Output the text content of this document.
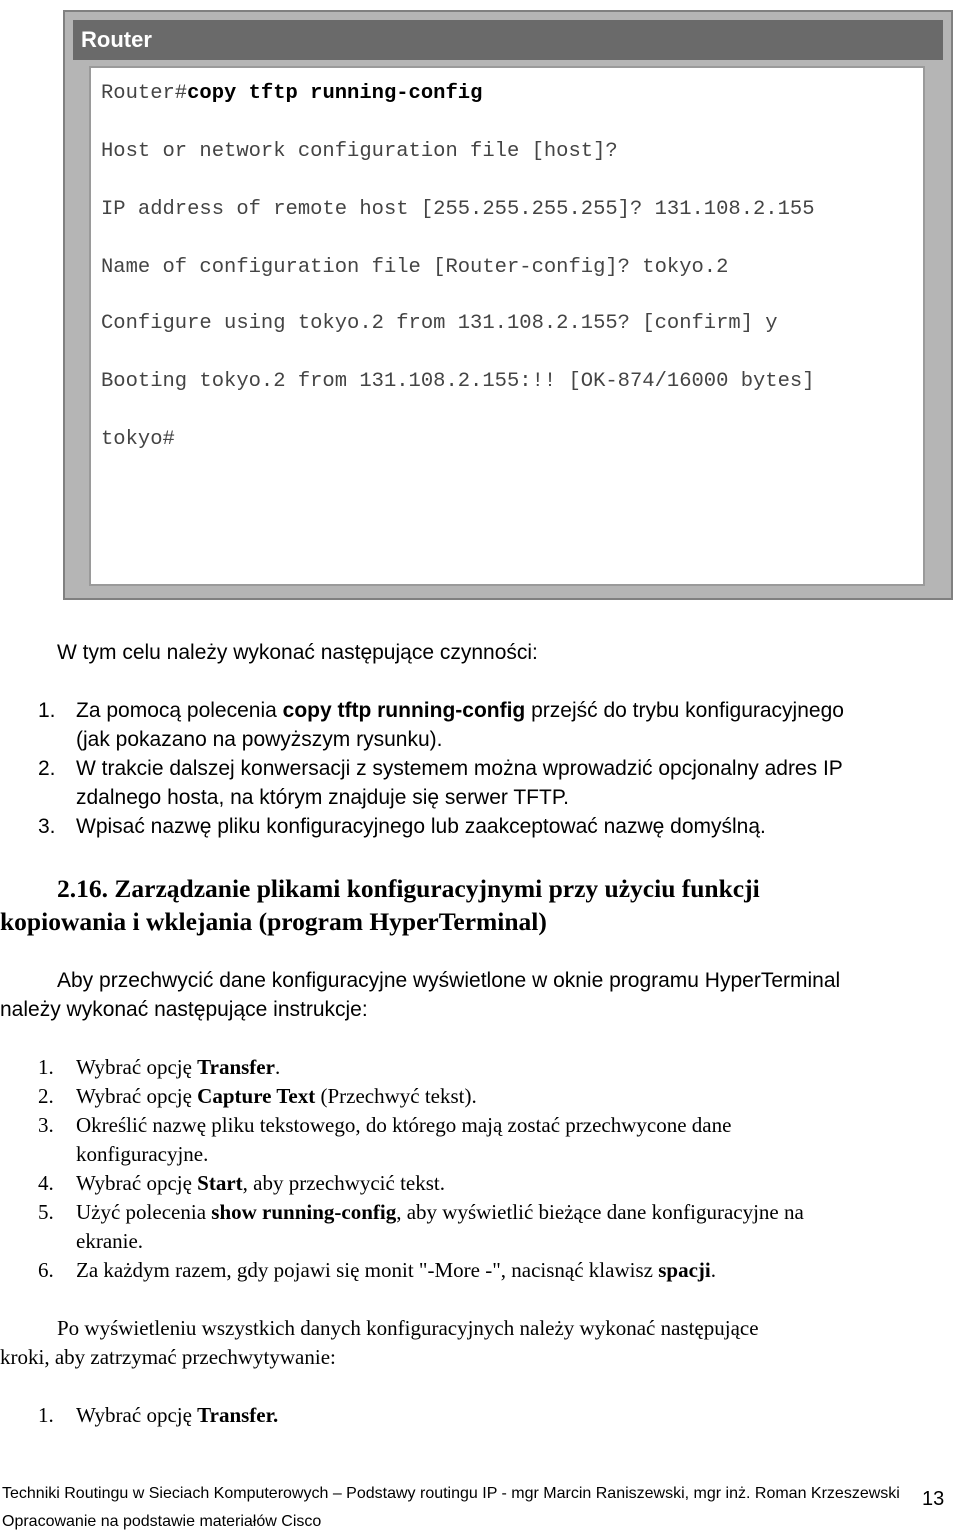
Router
Router#copy tftp running-config
Host or network configuration file [host]?
IP address of remote host [255.255.255.255]? 131.108.2.155
Name of configuration file [Router-config]? tokyo.2
Configure using tokyo.2 from 131.108.2.155? [confirm] y
Booting tokyo.2 from 131.108.2.155:!! [OK-874/16000 bytes]
tokyo#
W tym celu należy wykonać następujące czynności:
1. Za pomocą polecenia copy tftp running-config przejść do trybu konfiguracyjnego
(jak pokazano na powyższym rysunku).
2. W trakcie dalszej konwersacji z systemem można wprowadzić opcjonalny adres IP
zdalnego hosta, na którym znajduje się serwer TFTP.
3. Wpisać nazwę pliku konfiguracyjnego lub zaakceptować nazwę domyślną.
2.16. Zarządzanie plikami konfiguracyjnymi przy użyciu funkcji
kopiowania i wklejania (program HyperTerminal)
Aby przechwycić dane konfiguracyjne wyświetlone w oknie programu HyperTerminal
należy wykonać następujące instrukcje:
1. Wybrać opcję Transfer.
2. Wybrać opcję Capture Text (Przechwyć tekst).
3. Określić nazwę pliku tekstowego, do którego mają zostać przechwycone dane
konfiguracyjne.
4. Wybrać opcję Start, aby przechwycić tekst.
5. Użyć polecenia show running-config, aby wyświetlić bieżące dane konfiguracyjne na
ekranie.
6. Za każdym razem, gdy pojawi się monit "-More -", nacisnąć klawisz spacji.
Po wyświetleniu wszystkich danych konfiguracyjnych należy wykonać następujące
kroki, aby zatrzymać przechwytywanie:
1. Wybrać opcję Transfer.
Techniki Routingu w Sieciach Komputerowych – Podstawy routingu IP - mgr Marcin Raniszewski, mgr inż. Roman Krzeszewski
Opracowanie na podstawie materiałów Cisco
13
